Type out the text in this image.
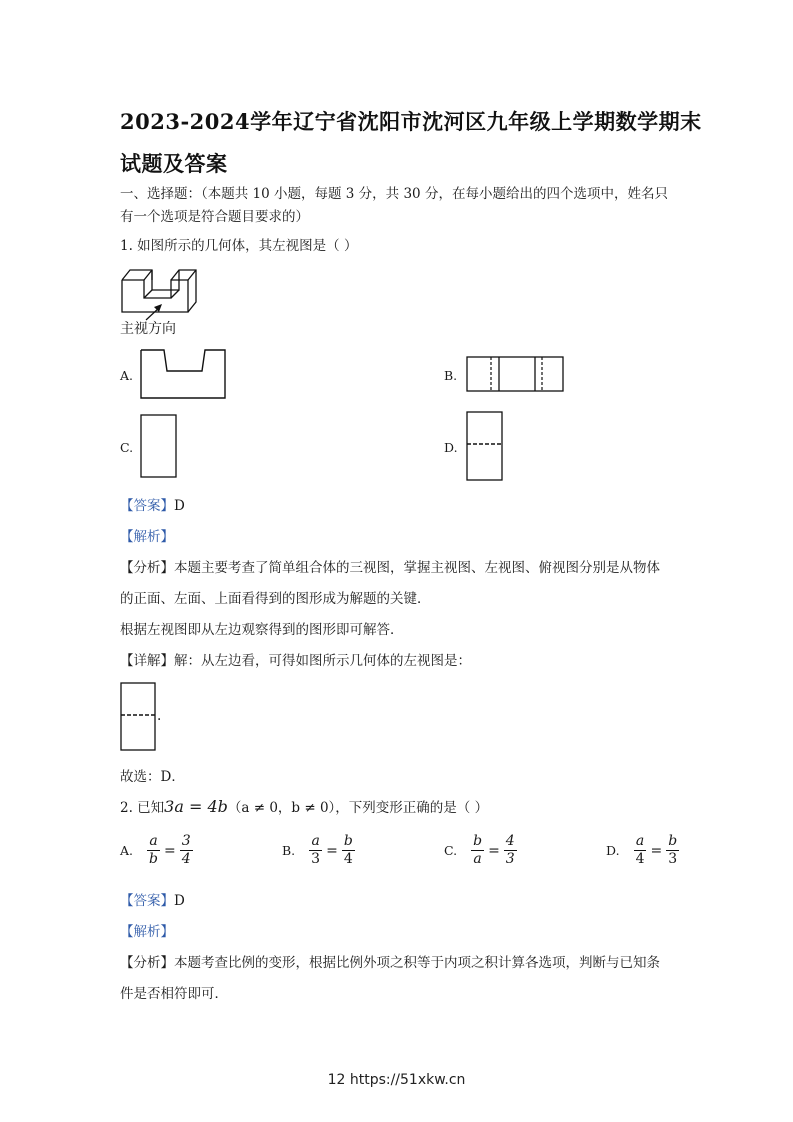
2023-2024学年辽宁省沈阳市沈河区九年级上学期数学期末
试题及答案
一、选择题：（本题共 10 小题，每题 3 分，共 30 分，在每小题给出的四个选项中，姓名只
有一个选项是符合题目要求的）
1. 如图所示的几何体，其左视图是（ ）
主视方向
A.	B.
C.	D.
【答案】D
【解析】
【分析】本题主要考查了简单组合体的三视图，掌握主视图、左视图、俯视图分别是从物体
的正面、左面、上面看得到的图形成为解题的关键．
根据左视图即从左边观察得到的图形即可解答．
【详解】解：从左边看，可得如图所示几何体的左视图是：
.
故选：D．
2. 已知3a = 4b（a ≠ 0，b ≠ 0），下列变形正确的是（ ）
A. $\frac{a}{b} = \frac{3}{4}$	B. $\frac{a}{3} = \frac{b}{4}$	C. $\frac{b}{a} = \frac{4}{3}$	D. $\frac{a}{4} = \frac{b}{3}$
【答案】D
【解析】
【分析】本题考查比例的变形，根据比例外项之积等于内项之积计算各选项，判断与已知条
件是否相符即可．
12 https://51xkw.cn
